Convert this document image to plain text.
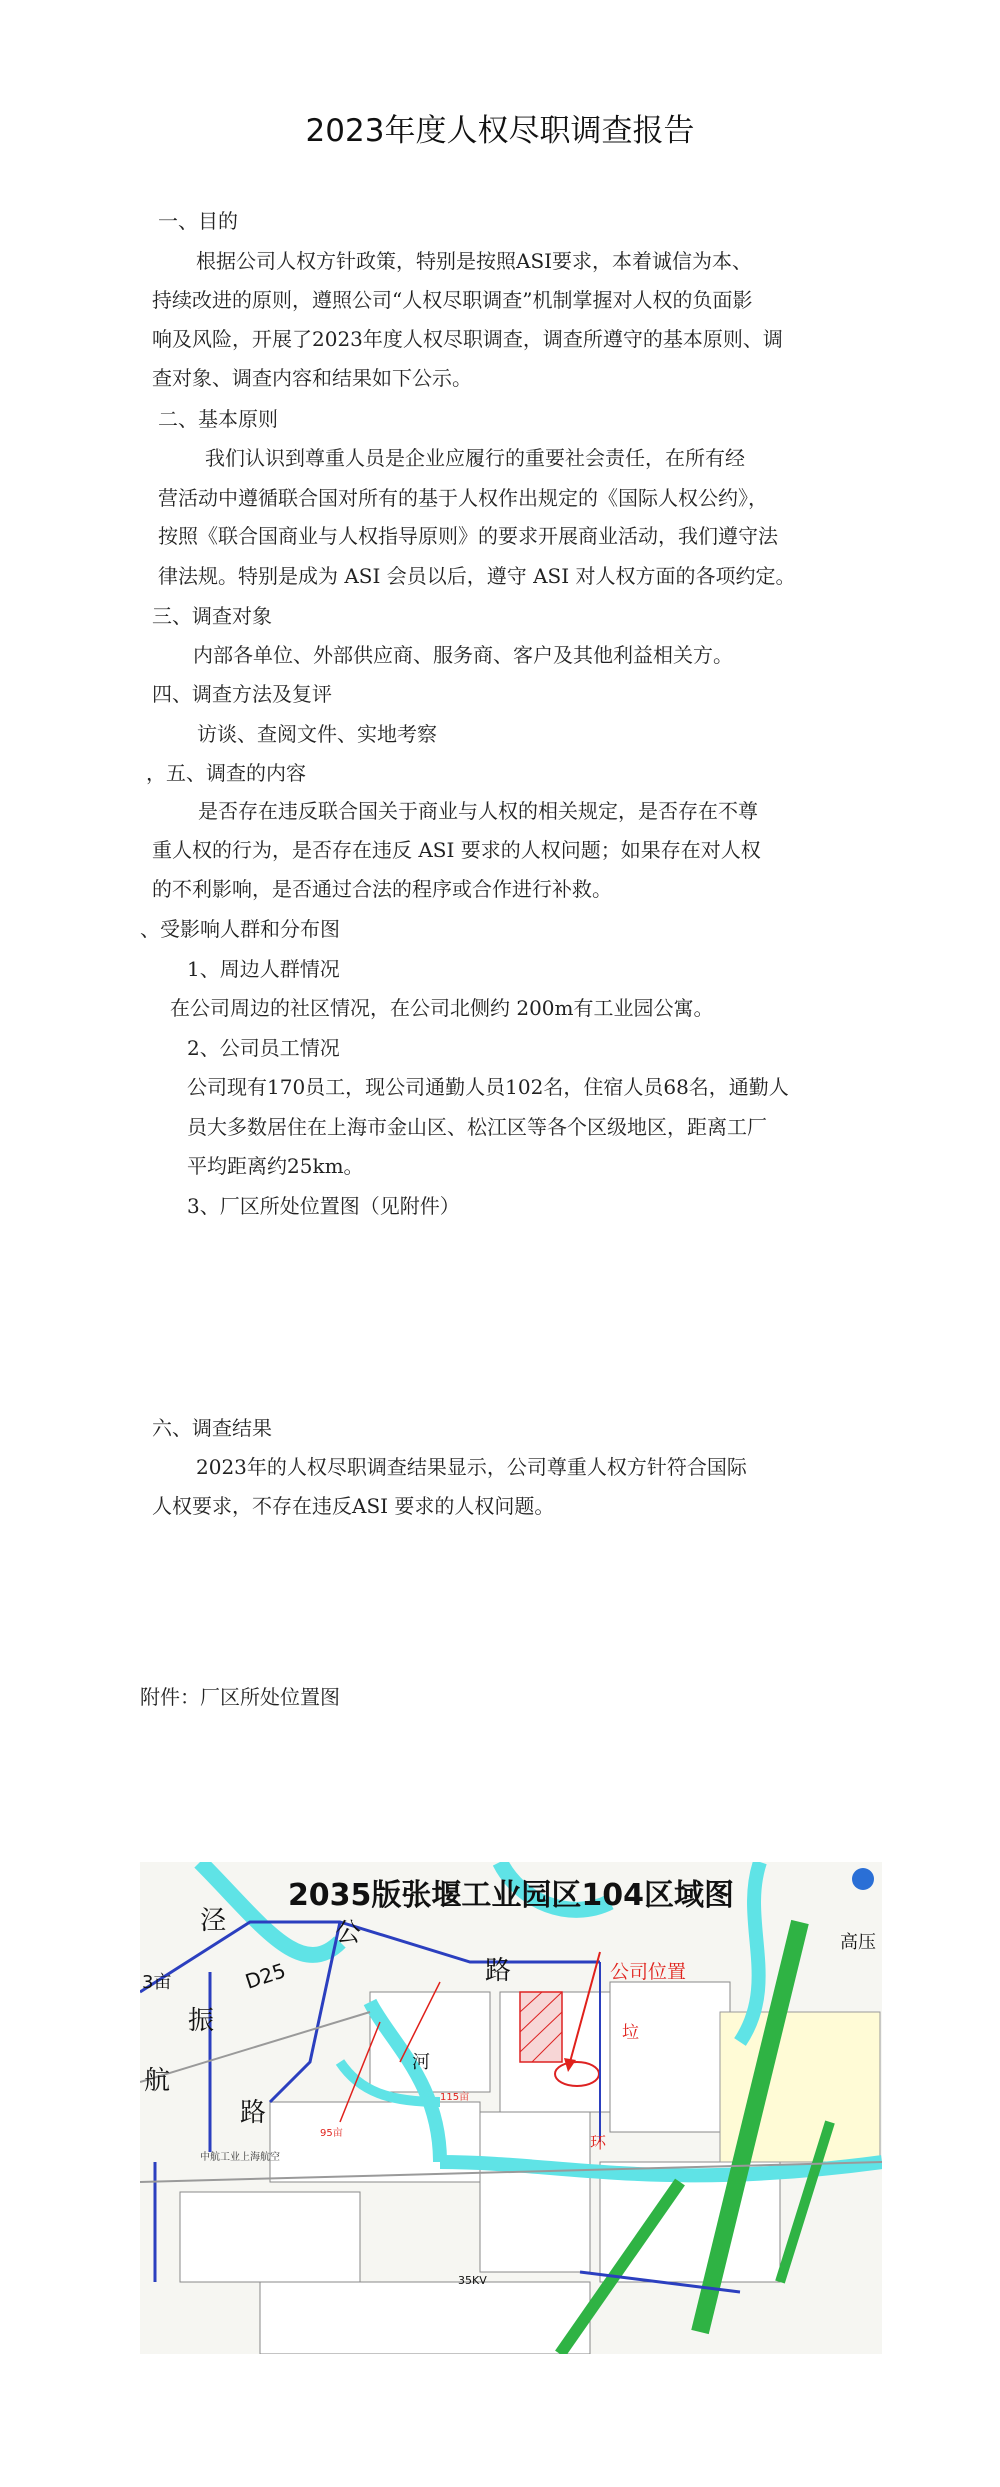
2023年度人权尽职调查报告
一、目的
根据公司人权方针政策，特别是按照ASI要求，本着诚信为本、
持续改进的原则，遵照公司“人权尽职调查”机制掌握对人权的负面影
响及风险，开展了2023年度人权尽职调查，调查所遵守的基本原则、调
查对象、调查内容和结果如下公示。
二、基本原则
我们认识到尊重人员是企业应履行的重要社会责任，在所有经
营活动中遵循联合国对所有的基于人权作出规定的《国际人权公约》，
按照《联合国商业与人权指导原则》的要求开展商业活动，我们遵守法
律法规。特别是成为 ASI 会员以后，遵守 ASI 对人权方面的各项约定。
三、调查对象
内部各单位、外部供应商、服务商、客户及其他利益相关方。
四、调查方法及复评
访谈、查阅文件、实地考察
，五、调查的内容
是否存在违反联合国关于商业与人权的相关规定，是否存在不尊
重人权的行为，是否存在违反 ASI 要求的人权问题；如果存在对人权
的不利影响，是否通过合法的程序或合作进行补救。
、受影响人群和分布图
1、周边人群情况
在公司周边的社区情况，在公司北侧约 200m有工业园公寓。
2、公司员工情况
公司现有170员工，现公司通勤人员102名，住宿人员68名，通勤人
员大多数居住在上海市金山区、松江区等各个区级地区，距离工厂
平均距离约25km。
3、厂区所处位置图（见附件）
六、调查结果
2023年的人权尽职调查结果显示，公司尊重人权方针符合国际
人权要求，不存在违反ASI 要求的人权问题。
附件：厂区所处位置图
2035版张堰工业园区104区域图
泾	公
路	公司位置
高压
3亩
振
D25
航
路
河
垃
环
115亩
95亩
35KV
中航工业上海航空
